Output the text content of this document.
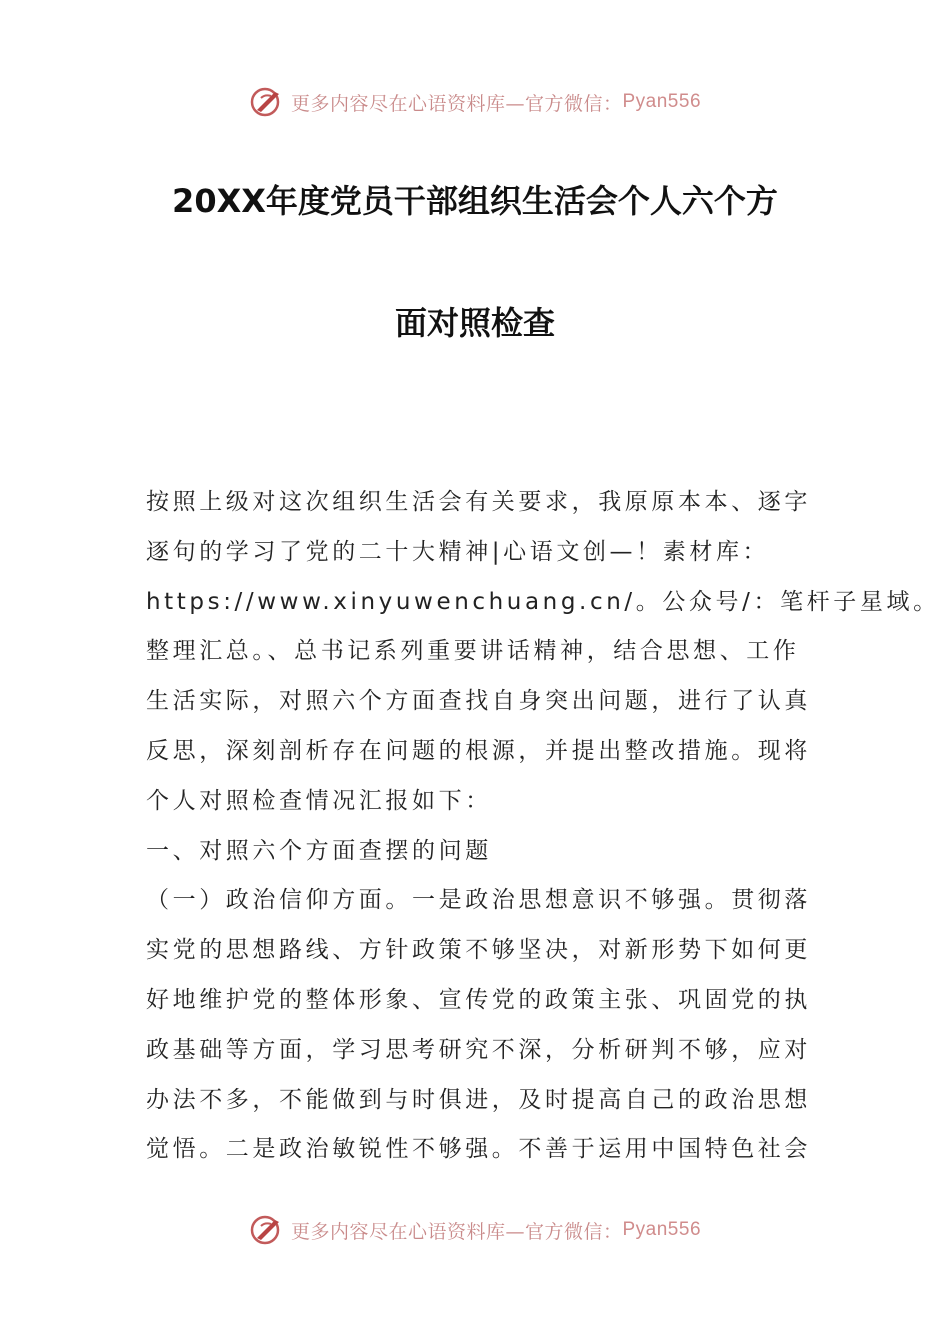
更多内容尽在心语资料库— 官方微信： Pyan556
20XX年度党员干部组织生活会个人六个方
面对照检查
按照上级对这次组织生活会有关要求，我原原本本、逐字
逐句的学习了党的二十大精神|心语文创—！素材库：
https://www.xinyuwenchuang.cn/。公众号/：笔杆子星域。
整理汇总。、总书记系列重要讲话精神，结合思想、工作
生活实际，对照六个方面查找自身突出问题，进行了认真
反思，深刻剖析存在问题的根源，并提出整改措施。现将
个人对照检查情况汇报如下：
一、对照六个方面查摆的问题
（一）政治信仰方面。一是政治思想意识不够强。贯彻落
实党的思想路线、方针政策不够坚决，对新形势下如何更
好地维护党的整体形象、宣传党的政策主张、巩固党的执
政基础等方面，学习思考研究不深，分析研判不够，应对
办法不多，不能做到与时俱进，及时提高自己的政治思想
觉悟。二是政治敏锐性不够强。不善于运用中国特色社会
更多内容尽在心语资料库— 官方微信： Pyan556
